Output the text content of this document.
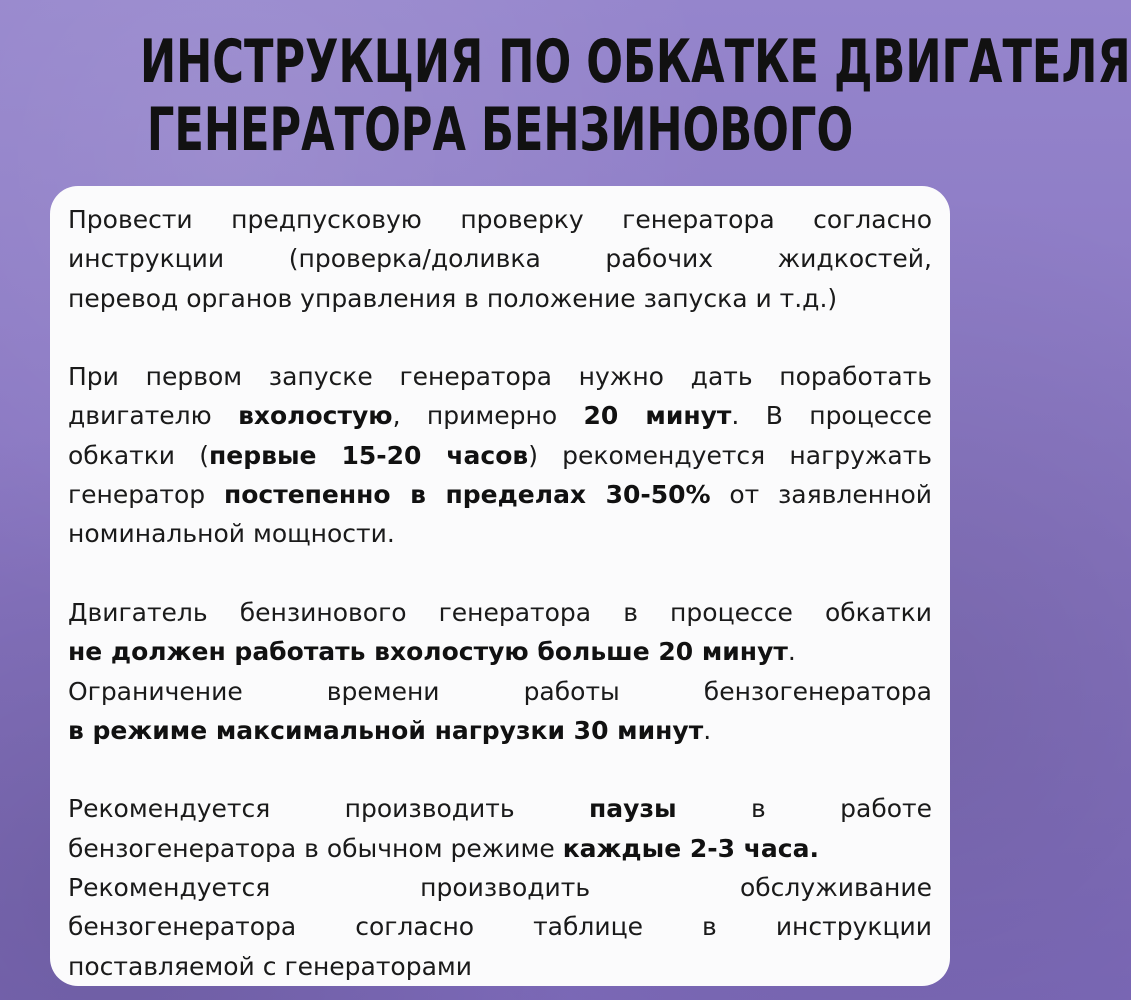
ИНСТРУКЦИЯ ПО ОБКАТКЕ ДВИГАТЕЛЯ
ГЕНЕРАТОРА БЕНЗИНОВОГО
Провести предпусковую проверку генератора согласно
инструкции (проверка/доливка рабочих жидкостей,
перевод органов управления в положение запуска и т.д.)
При первом запуске генератора нужно дать поработать
двигателю вхолостую, примерно 20 минут. В процессе
обкатки (первые 15-20 часов) рекомендуется нагружать
генератор постепенно в пределах 30-50% от заявленной
номинальной мощности.
Двигатель бензинового генератора в процессе обкатки
не должен работать вхолостую больше 20 минут.
Ограничение времени работы бензогенератора
в режиме максимальной нагрузки 30 минут.
Рекомендуется производить паузы в работе
бензогенератора в обычном режиме каждые 2-3 часа.
Рекомендуется производить обслуживание
бензогенератора согласно таблице в инструкции
поставляемой с генераторами
